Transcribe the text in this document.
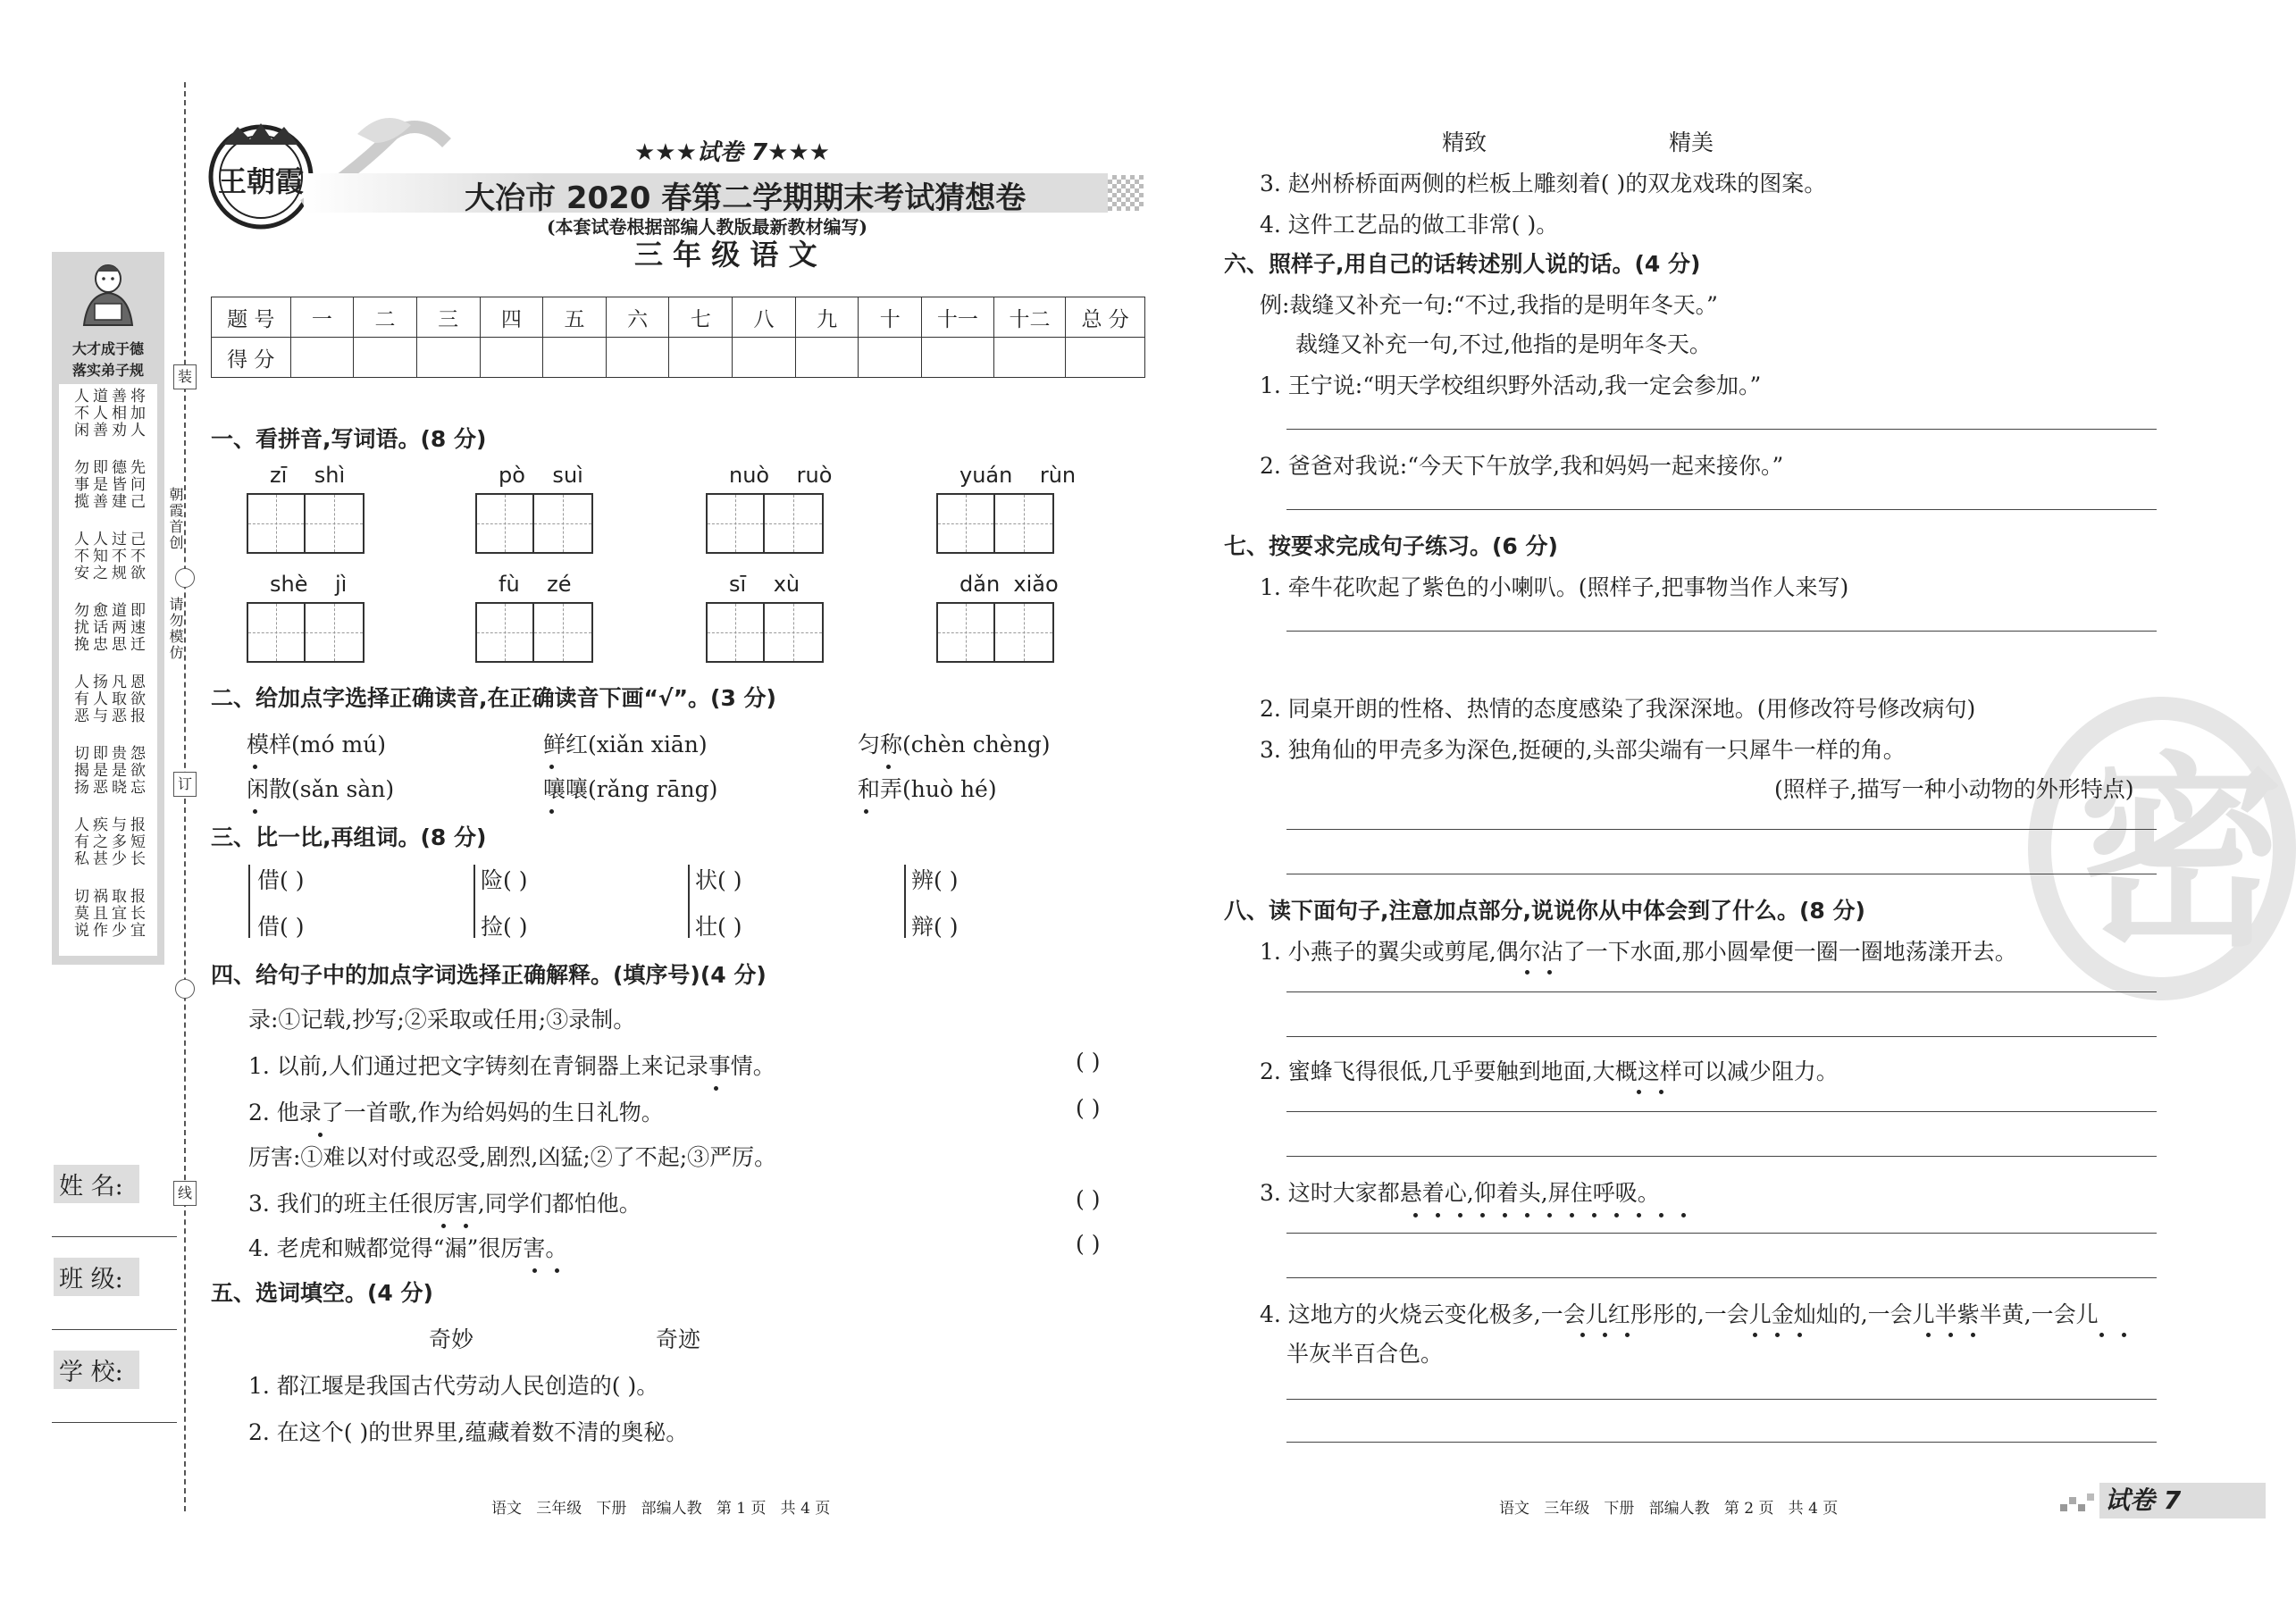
密
装
订
线
朝霞首创
请勿模仿
大才成于德
落实弟子规
将加人
善相劝
道人善
人不闲
先问己
德皆建
即是善
勿事揽
己不欲
过不规
人知之
人不安
即速迁
道两思
愈话忠
勿扰挽
恩欲报
凡取恶
扬人与
人有恶
怨欲忘
贵是晓
即是恶
切揭扬
报短长
与多少
疾之甚
人有私
报长宜
取宜少
祸且作
切莫说
姓 名:
班 级:
学 校:
王朝霞
★★★试卷 7★★★
大冶市 2020 春第二学期期末考试猜想卷
(本套试卷根据部编人教版最新教材编写)
三 年 级 语 文
题 号	一	二	三	四	五	六	七	八	九	十	十一	十二	总 分
得 分													
一、看拼音,写词语。(8 分)
zī    shì	pò    suì	nuò    ruò	yuán    rùn
shè    jì	fù    zé	sī    xù	dǎn  xiǎo
二、给加点字选择正确读音,在正确读音下画“√”。(3 分)
模样(mó mú)	鲜红(xiǎn xiān)	匀称(chèn chèng)
闲散(sǎn sàn)	嚷嚷(rǎng rāng)	和弄(huò hé)
三、比一比,再组词。(8 分)
借( )	险( )	状( )	辨( )
借( )	捡( )	壮( )	辩( )
四、给句子中的加点字词选择正确解释。(填序号)(4 分)
录:①记载,抄写;②采取或任用;③录制。
1. 以前,人们通过把文字铸刻在青铜器上来记录事情。	( )
2. 他录了一首歌,作为给妈妈的生日礼物。	( )
厉害:①难以对付或忍受,剧烈,凶猛;②了不起;③严厉。
3. 我们的班主任很厉害,同学们都怕他。	( )
4. 老虎和贼都觉得“漏”很厉害。	( )
五、选词填空。(4 分)
奇妙	奇迹
1. 都江堰是我国古代劳动人民创造的( )。
2. 在这个( )的世界里,蕴藏着数不清的奥秘。
语文   三年级   下册   部编人教   第 1 页   共 4 页
精致	精美
3. 赵州桥桥面两侧的栏板上雕刻着( )的双龙戏珠的图案。
4. 这件工艺品的做工非常( )。
六、照样子,用自己的话转述别人说的话。(4 分)
例:裁缝又补充一句:“不过,我指的是明年冬天。”
裁缝又补充一句,不过,他指的是明年冬天。
1. 王宁说:“明天学校组织野外活动,我一定会参加。”
2. 爸爸对我说:“今天下午放学,我和妈妈一起来接你。”
七、按要求完成句子练习。(6 分)
1. 牵牛花吹起了紫色的小喇叭。(照样子,把事物当作人来写)
2. 同桌开朗的性格、热情的态度感染了我深深地。(用修改符号修改病句)
3. 独角仙的甲壳多为深色,挺硬的,头部尖端有一只犀牛一样的角。
(照样子,描写一种小动物的外形特点)
八、读下面句子,注意加点部分,说说你从中体会到了什么。(8 分)
1. 小燕子的翼尖或剪尾,偶尔沾了一下水面,那小圆晕便一圈一圈地荡漾开去。
2. 蜜蜂飞得很低,几乎要触到地面,大概这样可以减少阻力。
3. 这时大家都悬着心,仰着头,屏住呼吸。
4. 这地方的火烧云变化极多,一会儿红彤彤的,一会儿金灿灿的,一会儿半紫半黄,一会儿
半灰半百合色。
语文   三年级   下册   部编人教   第 2 页   共 4 页	试卷 7
